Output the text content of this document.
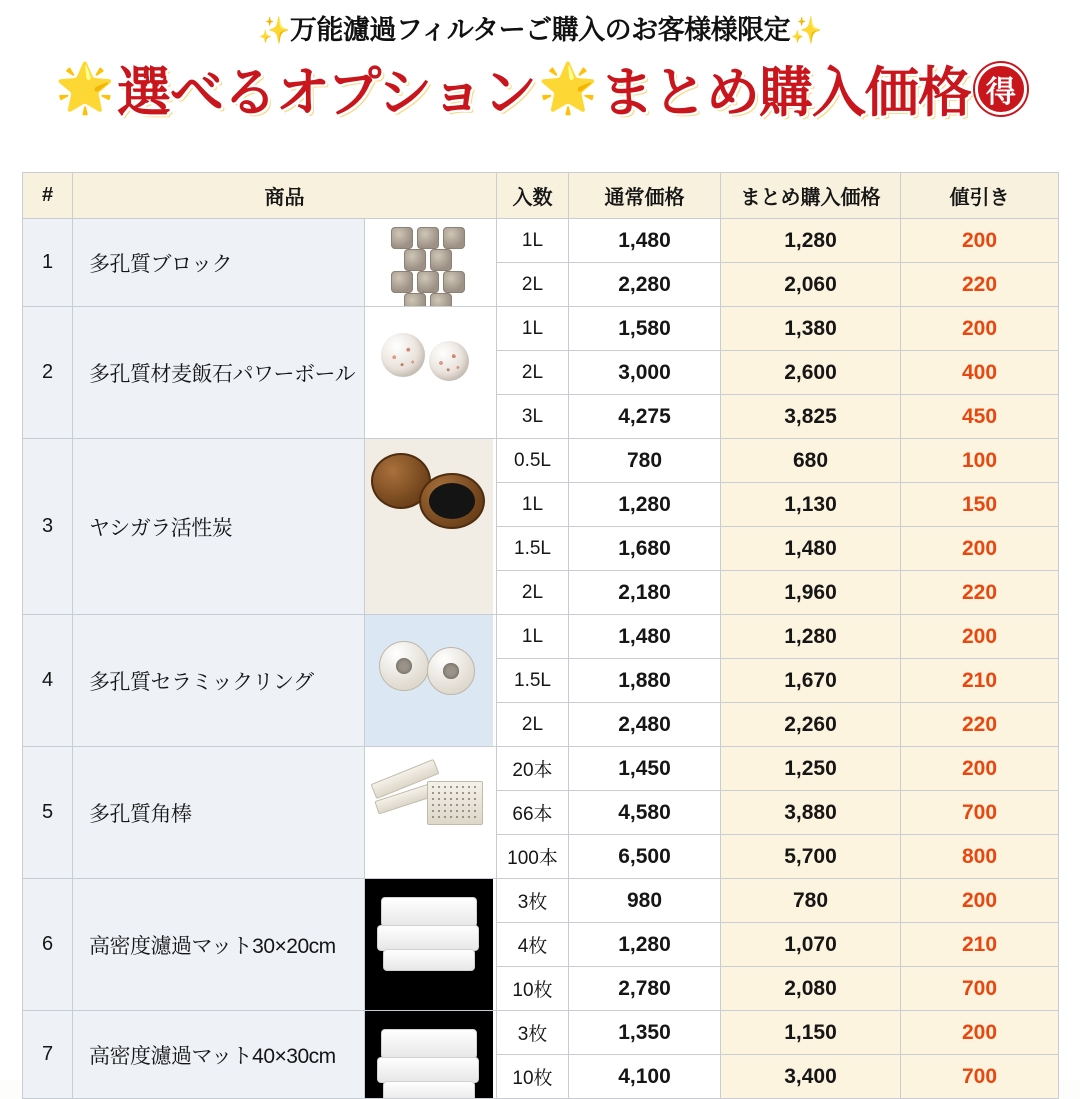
✨万能濾過フィルターご購入のお客様様限定✨
🌟 選べるオプション 🌟 まとめ購入価格 得
#	商品		入数	通常価格	まとめ購入価格	値引き
1	多孔質ブロック		1L	1,480	1,280	200
			2L	2,280	2,060	220
2	多孔質材麦飯石パワーボール		1L	1,580	1,380	200
			2L	3,000	2,600	400
			3L	4,275	3,825	450
3	ヤシガラ活性炭		0.5L	780	680	100
			1L	1,280	1,130	150
			1.5L	1,680	1,480	200
			2L	2,180	1,960	220
4	多孔質セラミックリング		1L	1,480	1,280	200
			1.5L	1,880	1,670	210
			2L	2,480	2,260	220
5	多孔質角棒		20本	1,450	1,250	200
			66本	4,580	3,880	700
			100本	6,500	5,700	800
6	高密度濾過マット30×20cm		3枚	980	780	200
			4枚	1,280	1,070	210
			10枚	2,780	2,080	700
7	高密度濾過マット40×30cm		3枚	1,350	1,150	200
			10枚	4,100	3,400	700
